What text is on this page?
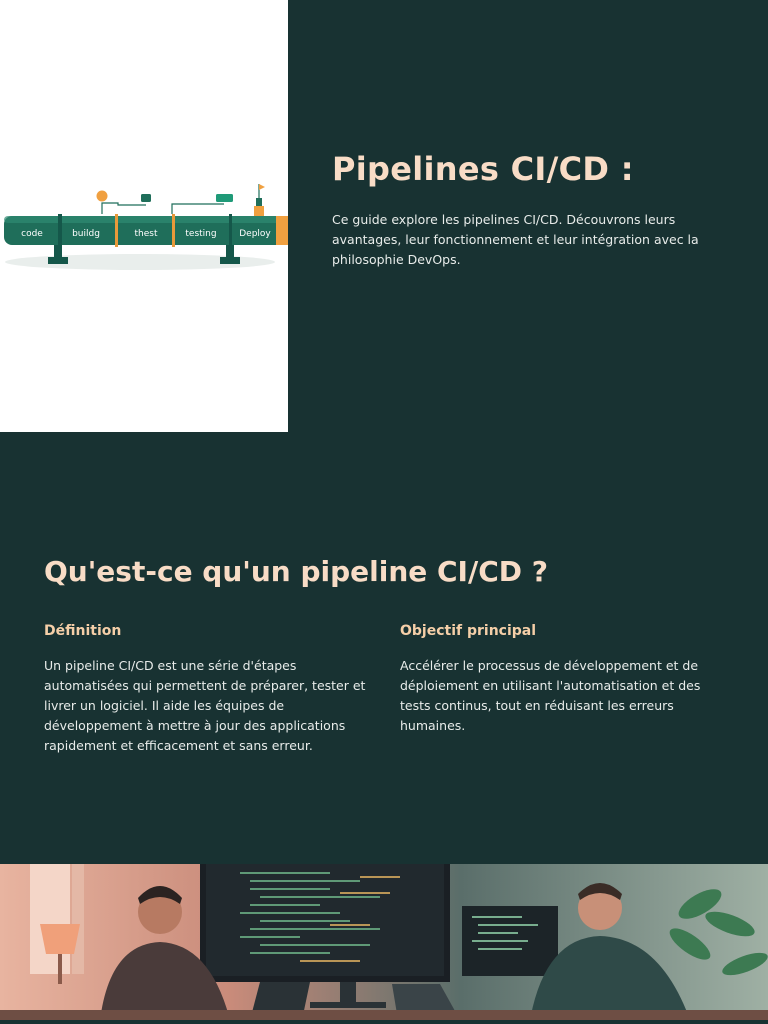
code	buildg	thest	testing	Deploy
Pipelines CI/CD :

Ce guide explore les pipelines CI/CD. Découvrons leurs avantages, leur fonctionnement et leur intégration avec la philosophie DevOps.

Qu'est-ce qu'un pipeline CI/CD ?
Définition

Un pipeline CI/CD est une série d'étapes automatisées qui permettent de préparer, tester et livrer un logiciel. Il aide les équipes de développement à mettre à jour des applications rapidement et efficacement et sans erreur.

Objectif principal

Accélérer le processus de développement et de déploiement en utilisant l'automatisation et des tests continus, tout en réduisant les erreurs humaines.
